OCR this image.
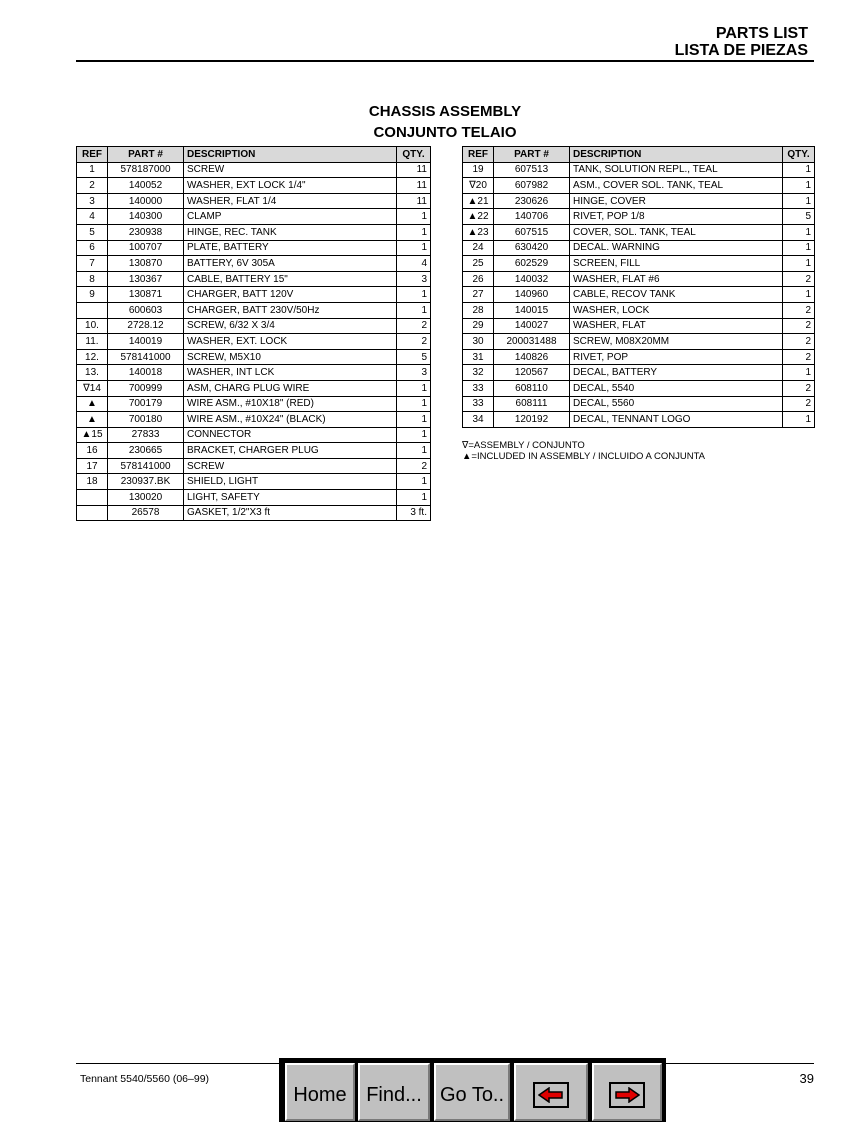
PARTS LIST
LISTA DE PIEZAS
CHASSIS ASSEMBLY
CONJUNTO TELAIO
REF	PART #	DESCRIPTION	QTY.
1	578187000	SCREW	11
2	140052	WASHER, EXT LOCK 1/4"	11
3	140000	WASHER, FLAT 1/4	11
4	140300	CLAMP	1
5	230938	HINGE, REC. TANK	1
6	100707	PLATE, BATTERY	1
7	130870	BATTERY, 6V 305A	4
8	130367	CABLE, BATTERY 15"	3
9	130871	CHARGER, BATT 120V	1
	600603	CHARGER, BATT 230V/50Hz	1
10.	2728.12	SCREW, 6/32 X 3/4	2
11.	140019	WASHER, EXT. LOCK	2
12.	578141000	SCREW, M5X10	5
13.	140018	WASHER, INT LCK	3
∇14	700999	ASM, CHARG PLUG WIRE	1
▲	700179	WIRE ASM., #10X18" (RED)	1
▲	700180	WIRE ASM., #10X24" (BLACK)	1
▲15	27833	CONNECTOR	1
16	230665	BRACKET, CHARGER PLUG	1
17	578141000	SCREW	2
18	230937.BK	SHIELD, LIGHT	1
	130020	LIGHT, SAFETY	1
	26578	GASKET, 1/2"X3 ft	3 ft.
REF	PART #	DESCRIPTION	QTY.
19	607513	TANK, SOLUTION REPL., TEAL	1
∇20	607982	ASM., COVER SOL. TANK, TEAL	1
▲21	230626	HINGE, COVER	1
▲22	140706	RIVET, POP 1/8	5
▲23	607515	COVER, SOL. TANK, TEAL	1
24	630420	DECAL. WARNING	1
25	602529	SCREEN, FILL	1
26	140032	WASHER, FLAT #6	2
27	140960	CABLE, RECOV TANK	1
28	140015	WASHER, LOCK	2
29	140027	WASHER, FLAT	2
30	200031488	SCREW, M08X20MM	2
31	140826	RIVET, POP	2
32	120567	DECAL, BATTERY	1
33	608110	DECAL, 5540	2
33	608111	DECAL, 5560	2
34	120192	DECAL, TENNANT LOGO	1
∇=ASSEMBLY / CONJUNTO
▲=INCLUDED IN ASSEMBLY / INCLUIDO A CONJUNTA
Tennant 5540/5560 (06–99)	39
Home Find... Go To..
